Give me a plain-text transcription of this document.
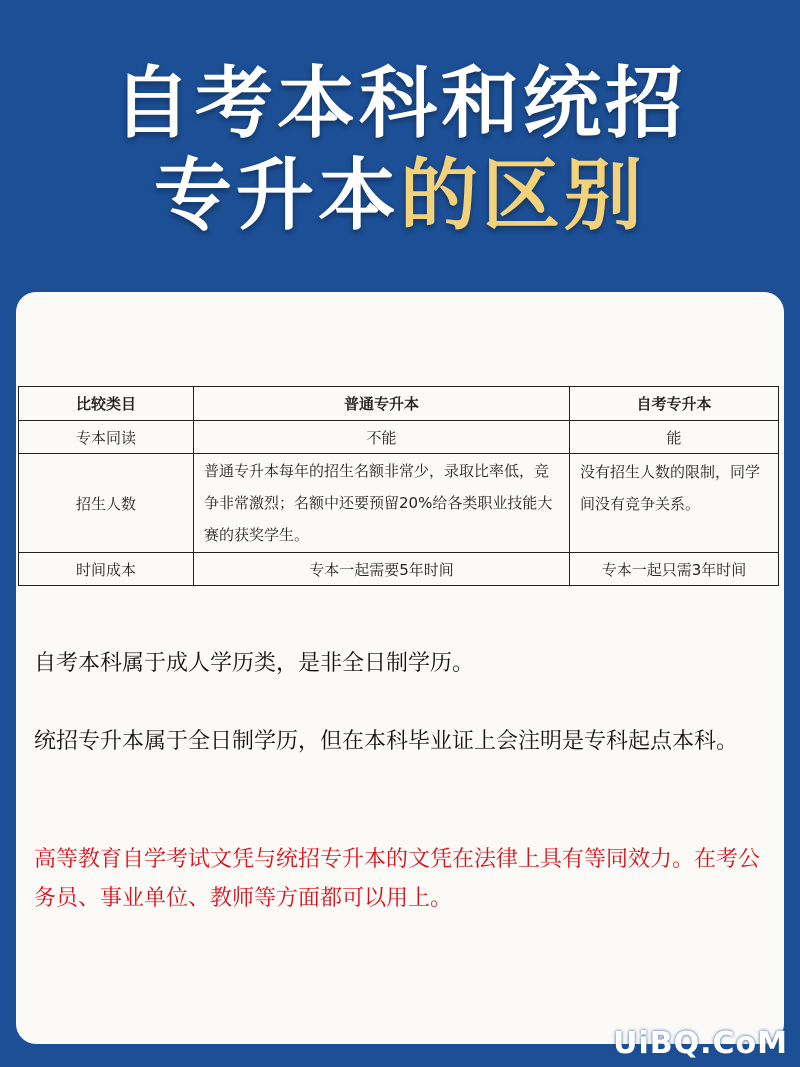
自考本科和统招
专升本的区别
比较类目	普通专升本	自考专升本
专本同读	不能	能
招生人数	普通专升本每年的招生名额非常少，录取比率低，竞争非常激烈；名额中还要预留20%给各类职业技能大赛的获奖学生。	没有招生人数的限制，同学间没有竞争关系。
时间成本	专本一起需要5年时间	专本一起只需3年时间
自考本科属于成人学历类，是非全日制学历。
统招专升本属于全日制学历，但在本科毕业证上会注明是专科起点本科。
高等教育自学考试文凭与统招专升本的文凭在法律上具有等同效力。在考公务员、事业单位、教师等方面都可以用上。
UiBQ.CoM
